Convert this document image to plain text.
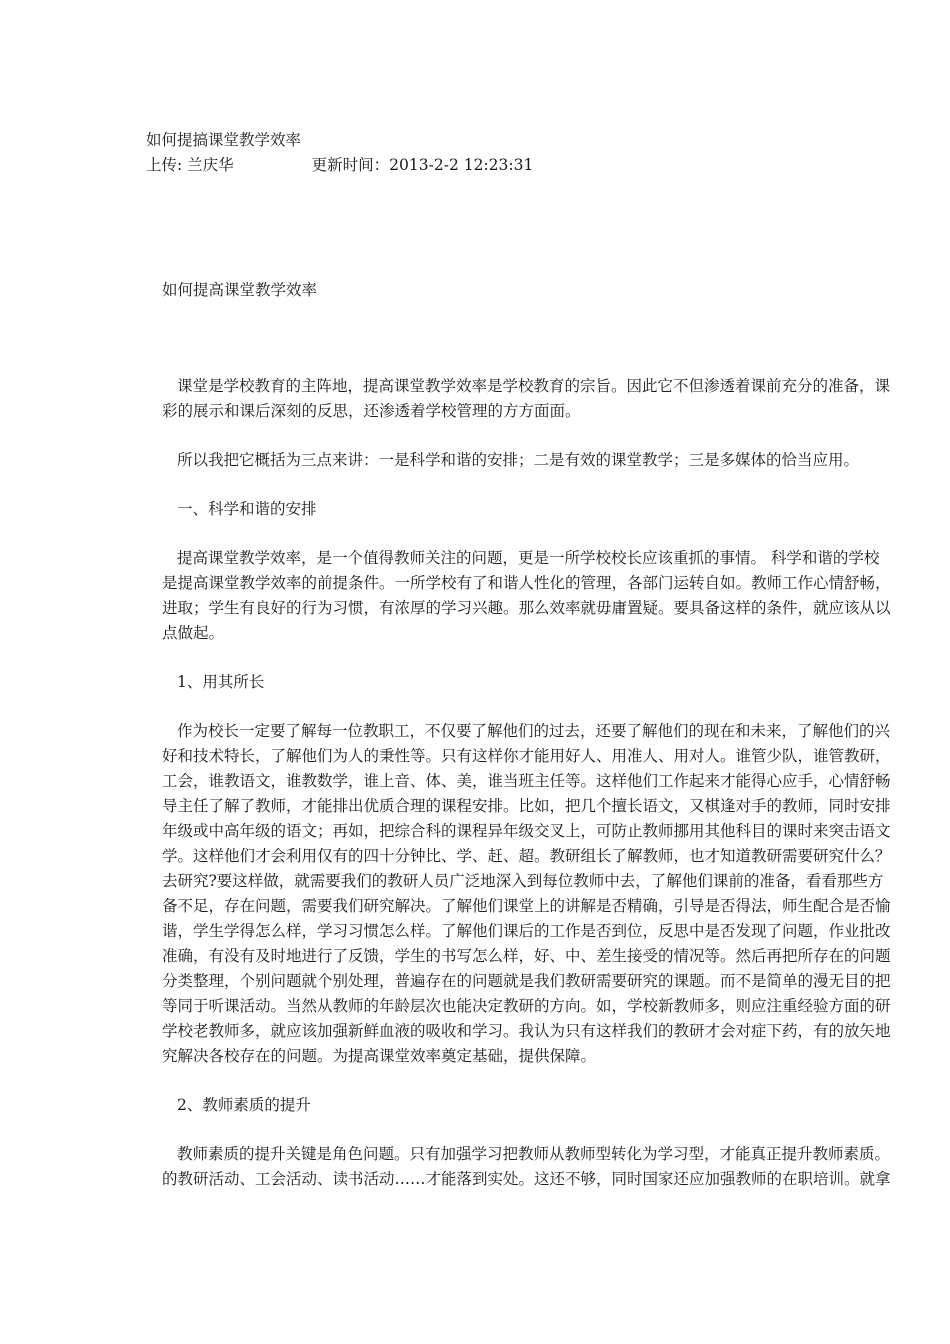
如何提搞课堂教学效率
上传: 兰庆华	更新时间：2013-2-2 12:23:31
如何提高课堂教学效率
课堂是学校教育的主阵地，提高课堂教学效率是学校教育的宗旨。因此它不但渗透着课前充分的准备，课
彩的展示和课后深刻的反思，还渗透着学校管理的方方面面。
所以我把它概括为三点来讲：一是科学和谐的安排；二是有效的课堂教学；三是多媒体的恰当应用。
一、科学和谐的安排
提高课堂教学效率，是一个值得教师关注的问题，更是一所学校校长应该重抓的事情。 科学和谐的学校
是提高课堂教学效率的前提条件。一所学校有了和谐人性化的管理，各部门运转自如。教师工作心情舒畅，
进取；学生有良好的行为习惯，有浓厚的学习兴趣。那么效率就毋庸置疑。要具备这样的条件，就应该从以
点做起。
1、用其所长
作为校长一定要了解每一位教职工，不仅要了解他们的过去，还要了解他们的现在和未来，了解他们的兴
好和技术特长，了解他们为人的秉性等。只有这样你才能用好人、用准人、用对人。谁管少队，谁管教研，
工会，谁教语文，谁教数学，谁上音、体、美，谁当班主任等。这样他们工作起来才能得心应手，心情舒畅
导主任了解了教师，才能排出优质合理的课程安排。比如，把几个擅长语文，又棋逢对手的教师，同时安排
年级或中高年级的语文；再如，把综合科的课程异年级交叉上，可防止教师挪用其他科目的课时来突击语文
学。这样他们才会利用仅有的四十分钟比、学、赶、超。教研组长了解教师，也才知道教研需要研究什么？
去研究?要这样做，就需要我们的教研人员广泛地深入到每位教师中去，了解他们课前的准备，看看那些方
备不足，存在问题，需要我们研究解决。了解他们课堂上的讲解是否精确，引导是否得法，师生配合是否愉
谐，学生学得怎么样，学习习惯怎么样。了解他们课后的工作是否到位，反思中是否发现了问题，作业批改
准确，有没有及时地进行了反馈，学生的书写怎么样，好、中、差生接受的情况等。然后再把所存在的问题
分类整理，个别问题就个别处理，普遍存在的问题就是我们教研需要研究的课题。而不是简单的漫无目的把
等同于听课活动。当然从教师的年龄层次也能决定教研的方向。如，学校新教师多，则应注重经验方面的研
学校老教师多，就应该加强新鲜血液的吸收和学习。我认为只有这样我们的教研才会对症下药，有的放矢地
究解决各校存在的问题。为提高课堂效率奠定基础，提供保障。
2、教师素质的提升
教师素质的提升关键是角色问题。只有加强学习把教师从教师型转化为学习型，才能真正提升教师素质。
的教研活动、工会活动、读书活动……才能落到实处。这还不够，同时国家还应加强教师的在职培训。就拿
